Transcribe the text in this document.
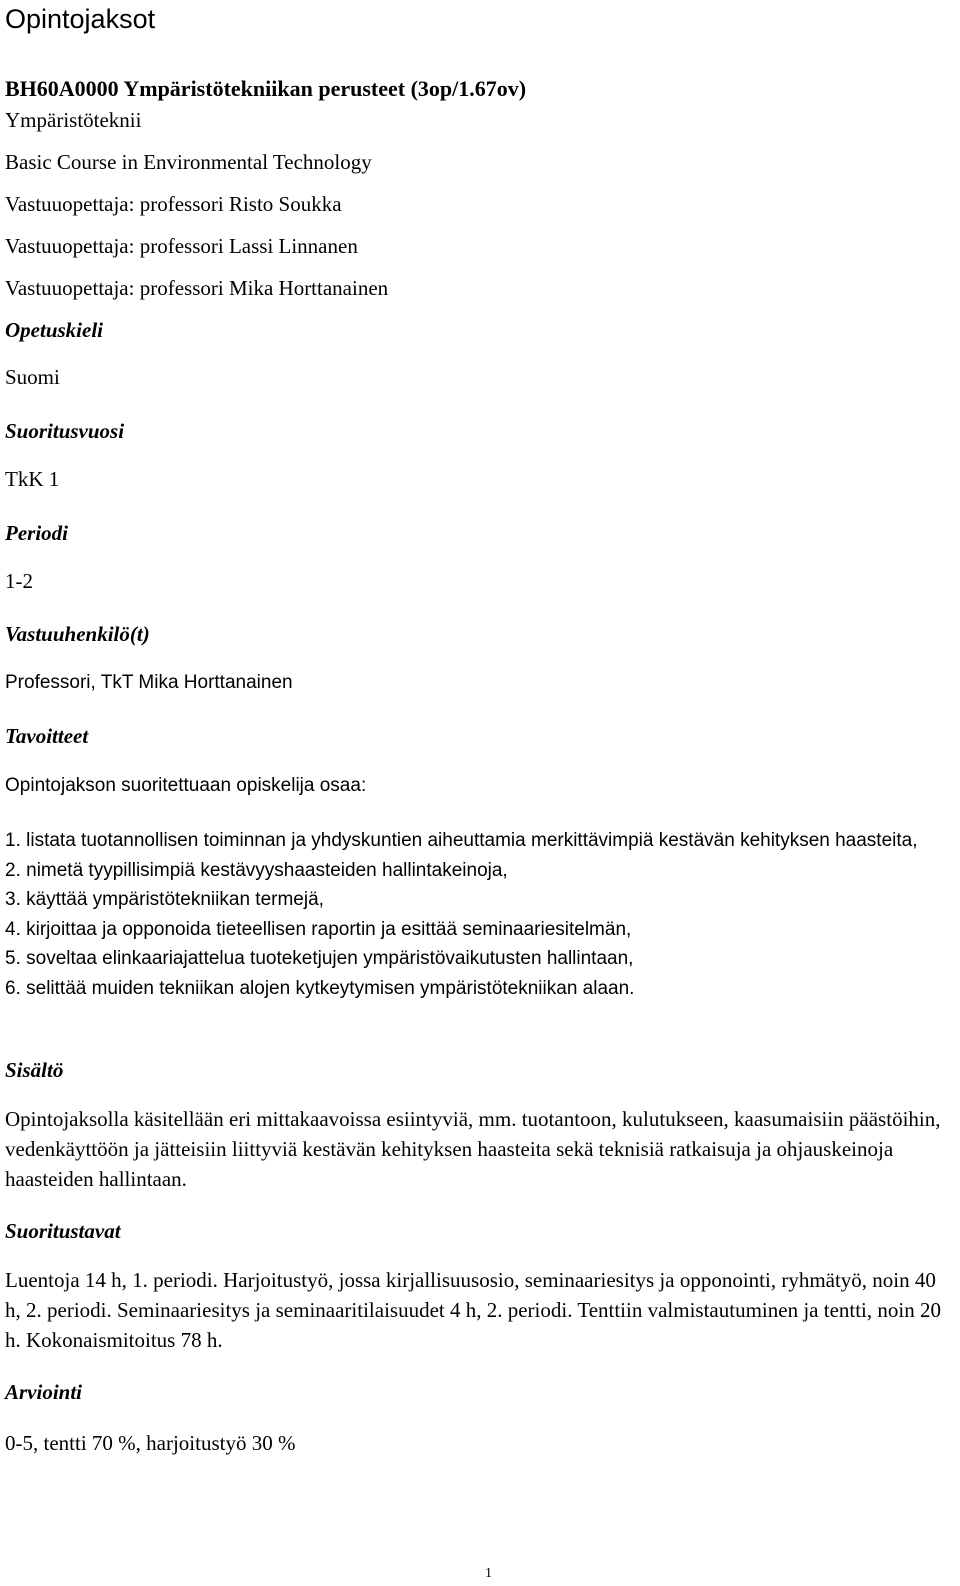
Opintojaksot
BH60A0000 Ympäristötekniikan perusteet (3op/1.67ov)
Ympäristöteknii
Basic Course in Environmental Technology
Vastuuopettaja: professori Risto Soukka
Vastuuopettaja: professori Lassi Linnanen
Vastuuopettaja: professori Mika Horttanainen
Opetuskieli
Suomi
Suoritusvuosi
TkK 1
Periodi
1-2
Vastuuhenkilö(t)
Professori, TkT Mika Horttanainen
Tavoitteet
Opintojakson suoritettuaan opiskelija osaa:
1. listata tuotannollisen toiminnan ja yhdyskuntien aiheuttamia merkittävimpiä kestävän kehityksen haasteita,
2. nimetä tyypillisimpiä kestävyyshaasteiden hallintakeinoja,
3. käyttää ympäristötekniikan termejä,
4. kirjoittaa ja opponoida tieteellisen raportin ja esittää seminaariesitelmän,
5. soveltaa elinkaariajattelua tuoteketjujen ympäristövaikutusten hallintaan,
6. selittää muiden tekniikan alojen kytkeytymisen ympäristötekniikan alaan.
Sisältö

Opintojaksolla käsitellään eri mittakaavoissa esiintyviä, mm. tuotantoon, kulutukseen, kaasumaisiin päästöihin, vedenkäyttöön ja jätteisiin liittyviä kestävän kehityksen haasteita sekä teknisiä ratkaisuja ja ohjauskeinoja haasteiden hallintaan.

Suoritustavat

Luentoja 14 h, 1. periodi. Harjoitustyö, jossa kirjallisuusosio, seminaariesitys ja opponointi, ryhmätyö, noin 40 h, 2. periodi. Seminaariesitys ja seminaaritilaisuudet 4 h, 2. periodi. Tenttiin valmistautuminen ja tentti, noin 20 h. Kokonaismitoitus 78 h.

Arviointi
0-5, tentti 70 %, harjoitustyö 30 %
1
